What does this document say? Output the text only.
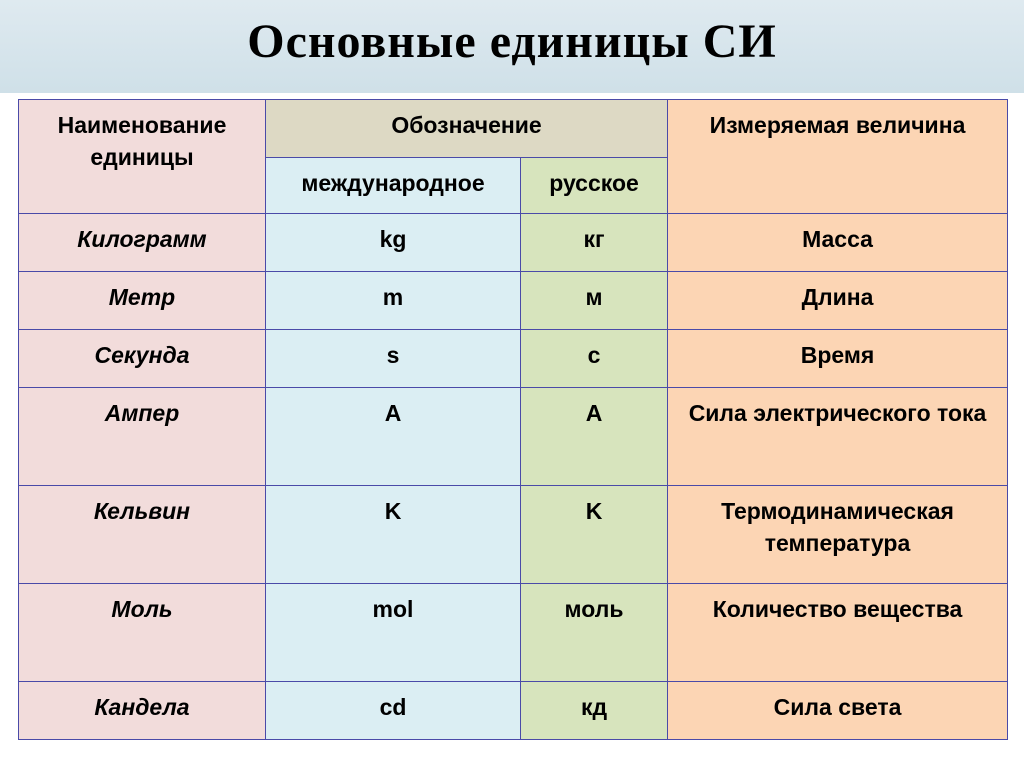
Основные единицы СИ
Наименование единицы	Обозначение		Измеряемая величина
	международное	русское	
Килограмм	kg	кг	Масса
Метр	m	м	Длина
Секунда	s	с	Время
Ампер	A	A	Сила электрического тока
Кельвин	K	K	Термодинамическая температура
Моль	mol	моль	Количество вещества
Кандела	cd	кд	Сила света
